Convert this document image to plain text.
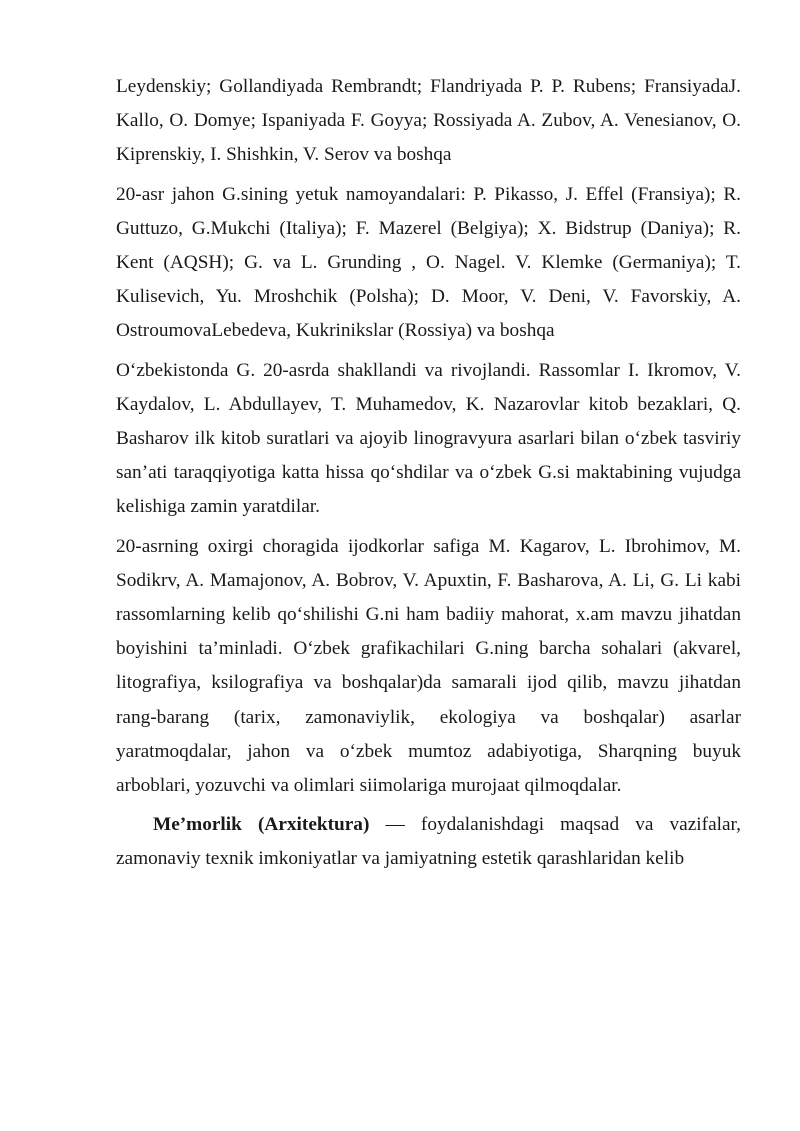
Leydenskiy; Gollandiyada Rembrandt; Flandriyada P. P. Rubens; FransiyadaJ. Kallo, O. Domye; Ispaniyada F. Goyya; Rossiyada A. Zubov, A. Venesianov, O. Kiprenskiy, I. Shishkin, V. Serov va boshqa

20-asr jahon G.sining yetuk namoyandalari: P. Pikasso, J. Effel (Fransiya); R. Guttuzo, G.Mukchi (Italiya); F. Mazerel (Belgiya); X. Bidstrup (Daniya); R. Kent (AQSH); G. va L. Grunding , O. Nagel. V. Klemke (Germaniya); T. Kulisevich, Yu. Mroshchik (Polsha); D. Moor, V. Deni, V. Favorskiy, A. OstroumovaLebedeva, Kukrinikslar (Rossiya) va boshqa

O‘zbekistonda G. 20-asrda shakllandi va rivojlandi. Rassomlar I. Ikromov, V. Kaydalov, L. Abdullayev, T. Muhamedov, K. Nazarovlar kitob bezaklari, Q. Basharov ilk kitob suratlari va ajoyib linogravyura asarlari bilan o‘zbek tasviriy san’ati taraqqiyotiga katta hissa qo‘shdilar va o‘zbek G.si maktabining vujudga kelishiga zamin yaratdilar.

20-asrning oxirgi choragida ijodkorlar safiga M. Kagarov, L. Ibrohimov, M. Sodikrv, A. Mamajonov, A. Bobrov, V. Apuxtin, F. Basharova, A. Li, G. Li kabi rassomlarning kelib qo‘shilishi G.ni ham badiiy mahorat, x.am mavzu jihatdan boyishini ta’minladi. O‘zbek grafikachilari G.ning barcha sohalari (akvarel, litografiya, ksilografiya va boshqalar)da samarali ijod qilib, mavzu jihatdan rang-barang (tarix, zamonaviylik, ekologiya va boshqalar) asarlar yaratmoqdalar, jahon va o‘zbek mumtoz adabiyotiga, Sharqning buyuk arboblari, yozuvchi va olimlari siimolariga murojaat qilmoqdalar.

Me’morlik (Arxitektura) — foydalanishdagi maqsad va vazifalar, zamonaviy texnik imkoniyatlar va jamiyatning estetik qarashlaridan kelib
